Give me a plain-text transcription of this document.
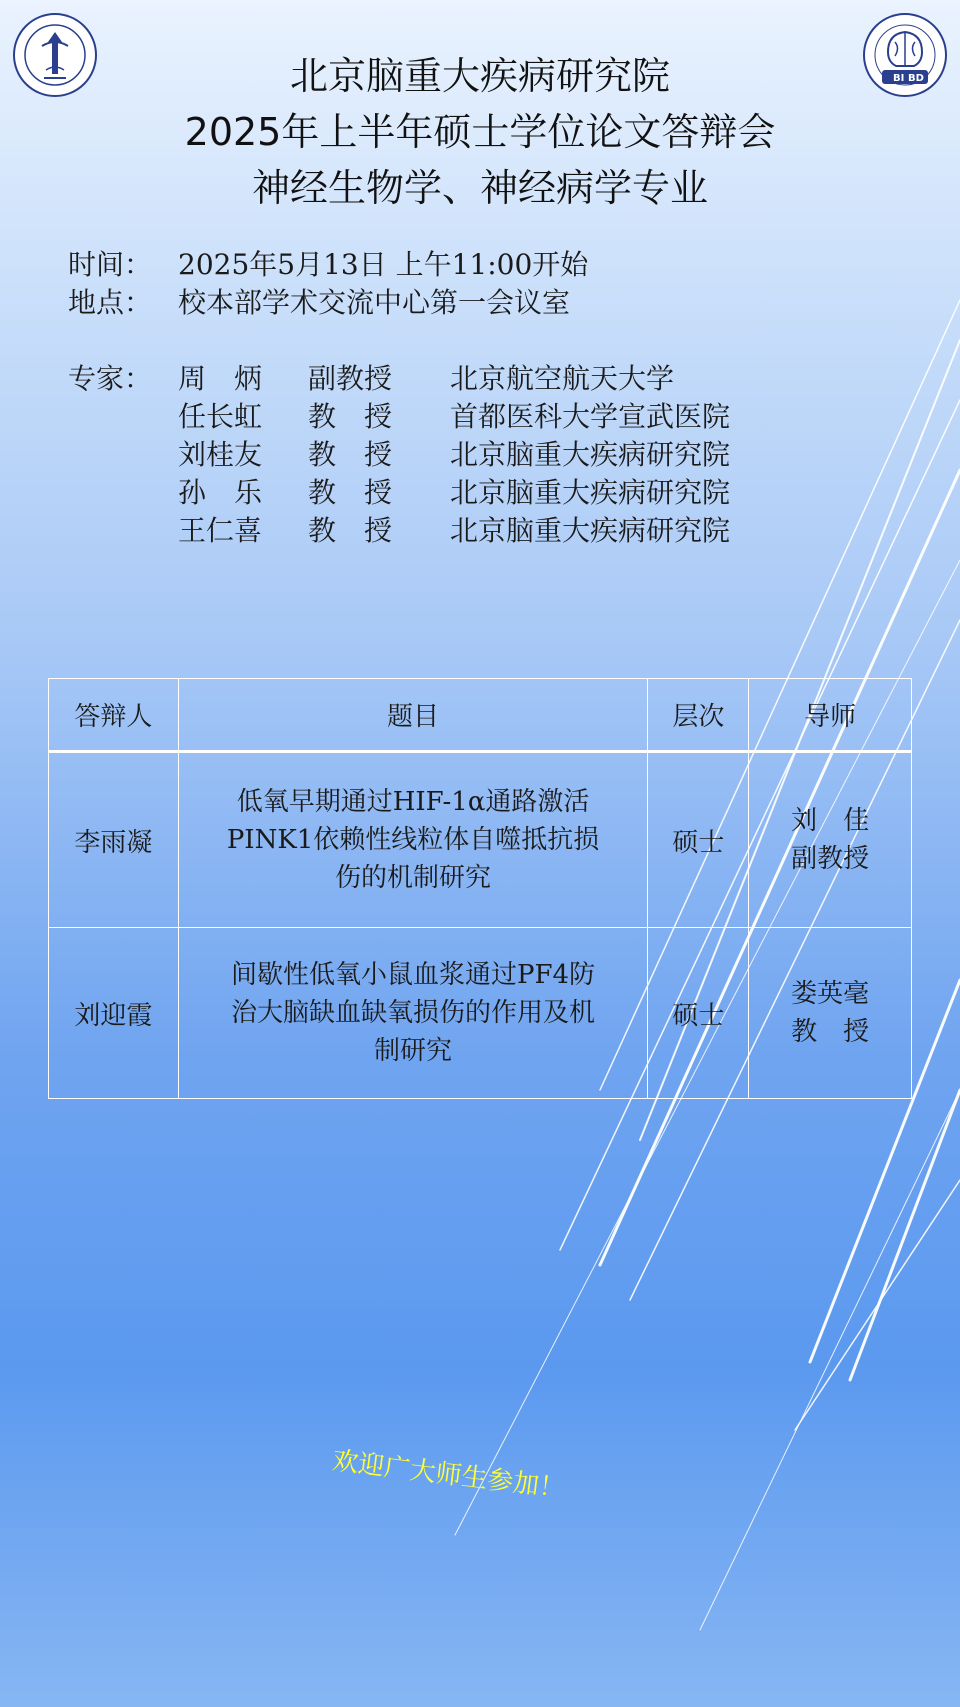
BI BD
北京脑重大疾病研究院
2025年上半年硕士学位论文答辩会
神经生物学、神经病学专业
时间： 2025年5月13日 上午11:00开始
地点： 校本部学术交流中心第一会议室
专家： 周　炳	副教授	北京航空航天大学
任长虹	教　授	首都医科大学宣武医院
刘桂友	教　授	北京脑重大疾病研究院
孙　乐	教　授	北京脑重大疾病研究院
王仁喜	教　授	北京脑重大疾病研究院
答辩人	题目	层次	导师
李雨凝	低氧早期通过HIF-1α通路激活
PINK1依赖性线粒体自噬抵抗损
伤的机制研究	硕士	刘　佳
副教授

刘迎霞	间歇性低氧小鼠血浆通过PF4防
治大脑缺血缺氧损伤的作用及机
制研究	硕士	娄英毫
教　授
欢迎广大师生参加！
